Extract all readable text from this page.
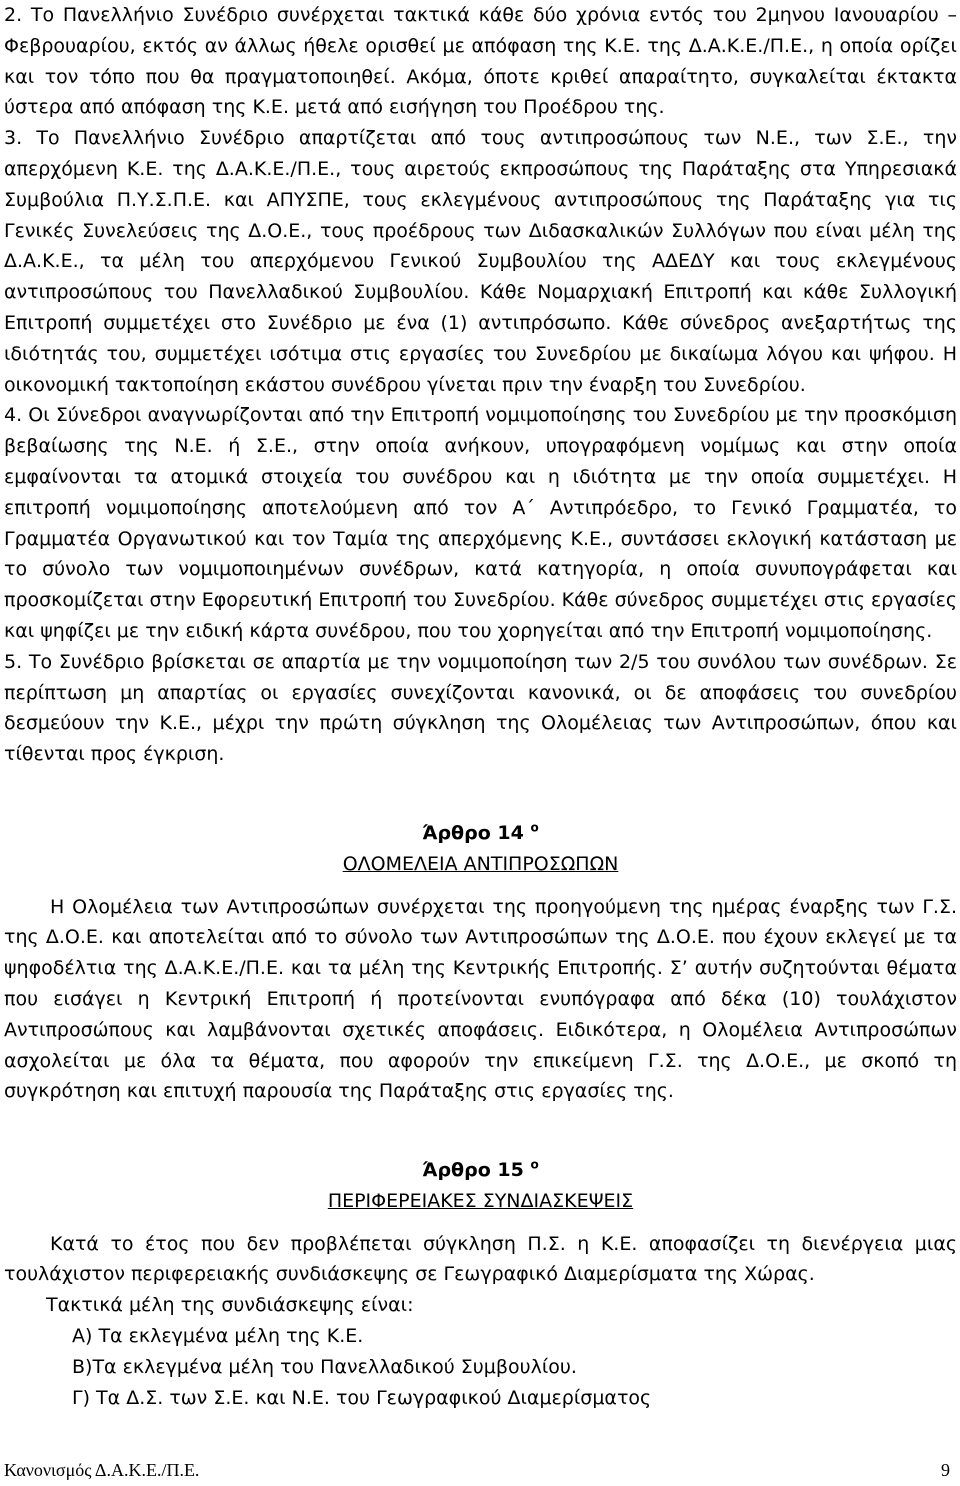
2. Το Πανελλήνιο Συνέδριο συνέρχεται τακτικά κάθε δύο χρόνια εντός του 2μηνου Ιανουαρίου – Φεβρουαρίου, εκτός αν άλλως ήθελε ορισθεί με απόφαση της Κ.Ε. της Δ.Α.Κ.Ε./Π.Ε., η οποία ορίζει και τον τόπο που θα πραγματοποιηθεί. Ακόμα, όποτε κριθεί απαραίτητο, συγκαλείται έκτακτα ύστερα από απόφαση της Κ.Ε. μετά από εισήγηση του Προέδρου της.

3. Το Πανελλήνιο Συνέδριο απαρτίζεται από τους αντιπροσώπους των Ν.Ε., των Σ.Ε., την απερχόμενη Κ.Ε. της Δ.Α.Κ.Ε./Π.Ε., τους αιρετούς εκπροσώπους της Παράταξης στα Υπηρεσιακά Συμβούλια Π.Υ.Σ.Π.Ε. και ΑΠΥΣΠΕ, τους εκλεγμένους αντιπροσώπους της Παράταξης για τις Γενικές Συνελεύσεις της Δ.Ο.Ε., τους προέδρους των Διδασκαλικών Συλλόγων που είναι μέλη της Δ.Α.Κ.Ε., τα μέλη του απερχόμενου Γενικού Συμβουλίου της ΑΔΕΔΥ και τους εκλεγμένους αντιπροσώπους του Πανελλαδικού Συμβουλίου. Κάθε Νομαρχιακή Επιτροπή και κάθε Συλλογική Επιτροπή συμμετέχει στο Συνέδριο με ένα (1) αντιπρόσωπο. Κάθε σύνεδρος ανεξαρτήτως της ιδιότητάς του, συμμετέχει ισότιμα στις εργασίες του Συνεδρίου με δικαίωμα λόγου και ψήφου. Η οικονομική τακτοποίηση εκάστου συνέδρου γίνεται πριν την έναρξη του Συνεδρίου.

4. Οι Σύνεδροι αναγνωρίζονται από την Επιτροπή νομιμοποίησης του Συνεδρίου με την προσκόμιση βεβαίωσης της Ν.Ε. ή Σ.Ε., στην οποία ανήκουν, υπογραφόμενη νομίμως και στην οποία εμφαίνονται τα ατομικά στοιχεία του συνέδρου και η ιδιότητα με την οποία συμμετέχει. Η επιτροπή νομιμοποίησης αποτελούμενη από τον Α΄ Αντιπρόεδρο, το Γενικό Γραμματέα, το Γραμματέα Οργανωτικού και τον Ταμία της απερχόμενης Κ.Ε., συντάσσει εκλογική κατάσταση με το σύνολο των νομιμοποιημένων συνέδρων, κατά κατηγορία, η οποία συνυπογράφεται και προσκομίζεται στην Εφορευτική Επιτροπή του Συνεδρίου. Κάθε σύνεδρος συμμετέχει στις εργασίες και ψηφίζει με την ειδική κάρτα συνέδρου, που του χορηγείται από την Επιτροπή νομιμοποίησης.

5. Το Συνέδριο βρίσκεται σε απαρτία με την νομιμοποίηση των 2/5 του συνόλου των συνέδρων. Σε περίπτωση μη απαρτίας οι εργασίες συνεχίζονται κανονικά, οι δε αποφάσεις του συνεδρίου δεσμεύουν την Κ.Ε., μέχρι την πρώτη σύγκληση της Ολομέλειας των Αντιπροσώπων, όπου και τίθενται προς έγκριση.

Άρθρο 14 $^o$

ΟΛΟΜΕΛΕΙΑ ΑΝΤΙΠΡΟΣΩΠΩΝ

Η Ολομέλεια των Αντιπροσώπων συνέρχεται της προηγούμενη της ημέρας έναρξης των Γ.Σ. της Δ.Ο.Ε. και αποτελείται από το σύνολο των Αντιπροσώπων της Δ.Ο.Ε. που έχουν εκλεγεί με τα ψηφοδέλτια της Δ.Α.Κ.Ε./Π.Ε. και τα μέλη της Κεντρικής Επιτροπής. Σ’ αυτήν συζητούνται θέματα που εισάγει η Κεντρική Επιτροπή ή προτείνονται ενυπόγραφα από δέκα (10) τουλάχιστον Αντιπροσώπους και λαμβάνονται σχετικές αποφάσεις. Ειδικότερα, η Ολομέλεια Αντιπροσώπων ασχολείται με όλα τα θέματα, που αφορούν την επικείμενη Γ.Σ. της Δ.Ο.Ε., με σκοπό τη συγκρότηση και επιτυχή παρουσία της Παράταξης στις εργασίες της.

Άρθρο 15 $^o$

ΠΕΡΙΦΕΡΕΙΑΚΕΣ ΣΥΝΔΙΑΣΚΕΨΕΙΣ

Κατά το έτος που δεν προβλέπεται σύγκληση Π.Σ. η Κ.Ε. αποφασίζει τη διενέργεια μιας τουλάχιστον περιφερειακής συνδιάσκεψης σε Γεωγραφικό Διαμερίσματα της Χώρας.

Τακτικά μέλη της συνδιάσκεψης είναι:

Α) Τα εκλεγμένα μέλη της Κ.Ε.

Β)Τα εκλεγμένα μέλη του Πανελλαδικού Συμβουλίου.

Γ) Τα Δ.Σ. των Σ.Ε. και Ν.Ε. του Γεωγραφικού Διαμερίσματος

Κανονισμός Δ.Α.Κ.Ε./Π.Ε.	9
